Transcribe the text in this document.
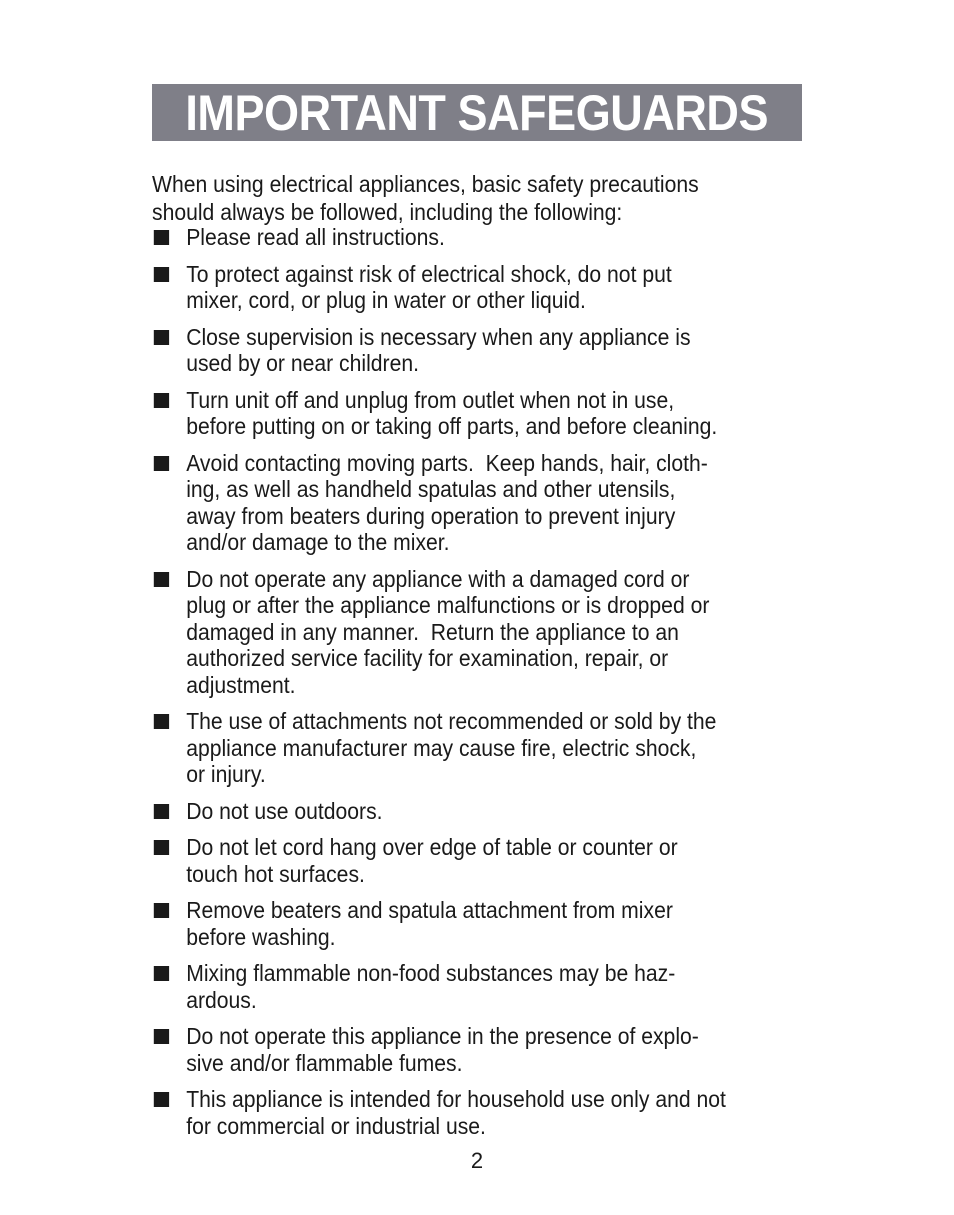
IMPORTANT SAFEGUARDS
When using electrical appliances, basic safety precautions
should always be followed, including the following:
Please read all instructions.
To protect against risk of electrical shock, do not put
mixer, cord, or plug in water or other liquid.
Close supervision is necessary when any appliance is
used by or near children.
Turn unit off and unplug from outlet when not in use,
before putting on or taking off parts, and before cleaning.
Avoid contacting moving parts.  Keep hands, hair, cloth-
ing, as well as handheld spatulas and other utensils,
away from beaters during operation to prevent injury
and/or damage to the mixer.
Do not operate any appliance with a damaged cord or
plug or after the appliance malfunctions or is dropped or
damaged in any manner.  Return the appliance to an
authorized service facility for examination, repair, or
adjustment.
The use of attachments not recommended or sold by the
appliance manufacturer may cause fire, electric shock,
or injury.
Do not use outdoors.
Do not let cord hang over edge of table or counter or
touch hot surfaces.
Remove beaters and spatula attachment from mixer
before washing.
Mixing flammable non-food substances may be haz-
ardous.
Do not operate this appliance in the presence of explo-
sive and/or flammable fumes.
This appliance is intended for household use only and not
for commercial or industrial use.
2
